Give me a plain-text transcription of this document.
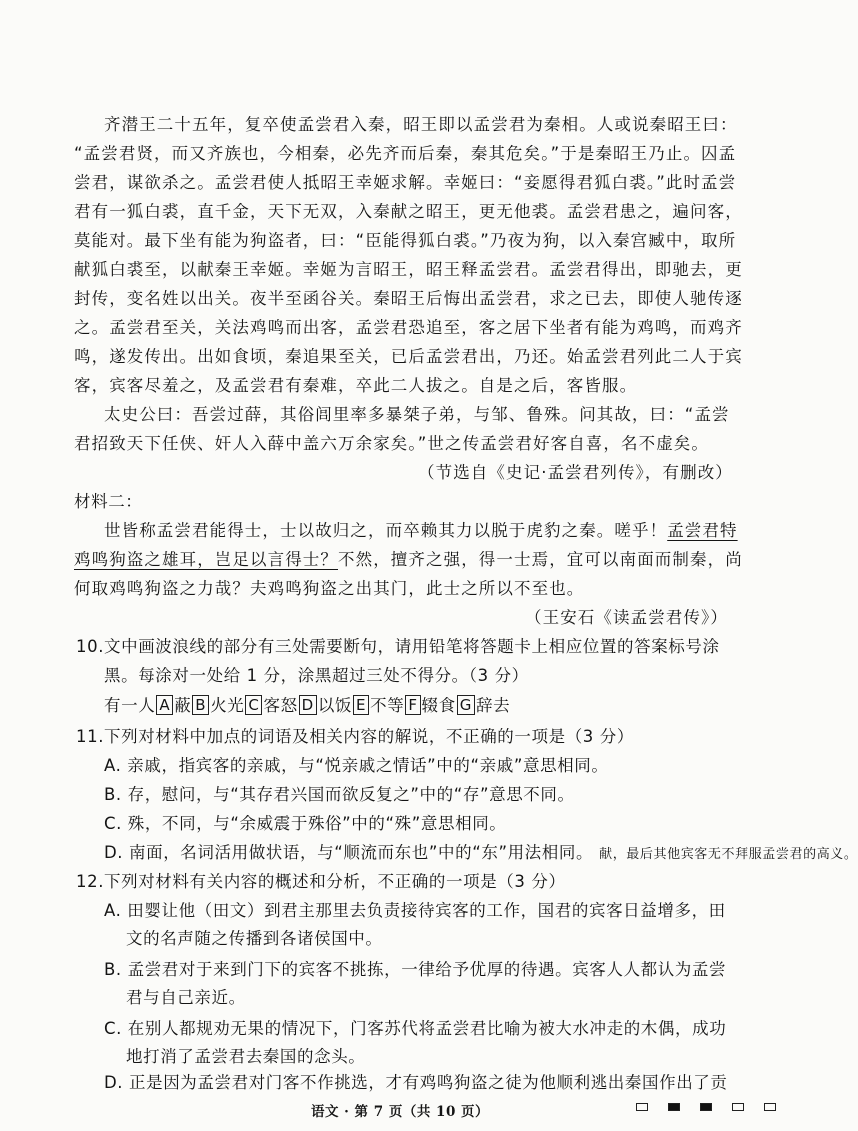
齐潜王二十五年，复卒使孟尝君入秦，昭王即以孟尝君为秦相。人或说秦昭王曰：
“孟尝君贤，而又齐族也，今相秦，必先齐而后秦，秦其危矣。”于是秦昭王乃止。囚孟
尝君，谋欲杀之。孟尝君使人抵昭王幸姬求解。幸姬曰：“妾愿得君狐白裘。”此时孟尝
君有一狐白裘，直千金，天下无双，入秦献之昭王，更无他裘。孟尝君患之，遍问客，
莫能对。最下坐有能为狗盗者，曰：“臣能得狐白裘。”乃夜为狗，以入秦宫臧中，取所
献狐白裘至，以献秦王幸姬。幸姬为言昭王，昭王释孟尝君。孟尝君得出，即驰去，更
封传，变名姓以出关。夜半至函谷关。秦昭王后悔出孟尝君，求之已去，即使人驰传逐
之。孟尝君至关，关法鸡鸣而出客，孟尝君恐追至，客之居下坐者有能为鸡鸣，而鸡齐
鸣，遂发传出。出如食顷，秦追果至关，已后孟尝君出，乃还。始孟尝君列此二人于宾
客，宾客尽羞之，及孟尝君有秦难，卒此二人拔之。自是之后，客皆服。
太史公曰：吾尝过薛，其俗闾里率多暴桀子弟，与邹、鲁殊。问其故，曰：“孟尝
君招致天下任侠、奸人入薛中盖六万余家矣。”世之传孟尝君好客自喜，名不虚矣。
（节选自《史记·孟尝君列传》，有删改）
材料二：
世皆称孟尝君能得士，士以故归之，而卒赖其力以脱于虎豹之秦。嗟乎！孟尝君特
鸡鸣狗盗之雄耳，岂足以言得士？不然，擅齐之强，得一士焉，宜可以南面而制秦，尚
何取鸡鸣狗盗之力哉？夫鸡鸣狗盗之出其门，此士之所以不至也。
（王安石《读孟尝君传》）
10. 文中画波浪线的部分有三处需要断句，请用铅笔将答题卡上相应位置的答案标号涂
黑。每涂对一处给 1 分，涂黑超过三处不得分。（3 分）
有一人 A 蔽 B 火光 C 客怒 D 以饭 E 不等 F 辍食 G 辞去
11. 下列对材料中加点的词语及相关内容的解说，不正确的一项是（3 分）
A. 亲戚，指宾客的亲戚，与“悦亲戚之情话”中的“亲戚”意思相同。
B. 存，慰问，与“其存君兴国而欲反复之”中的“存”意思不同。
C. 殊，不同，与“余威震于殊俗”中的“殊”意思相同。
D. 南面，名词活用做状语，与“顺流而东也”中的“东”用法相同。 献，最后其他宾客无不拜服孟尝君的高义。
12. 下列对材料有关内容的概述和分析，不正确的一项是（3 分）
A. 田婴让他（田文）到君主那里去负责接待宾客的工作，国君的宾客日益增多，田
文的名声随之传播到各诸侯国中。
B. 孟尝君对于来到门下的宾客不挑拣，一律给予优厚的待遇。宾客人人都认为孟尝
君与自己亲近。
C. 在别人都规劝无果的情况下，门客苏代将孟尝君比喻为被大水冲走的木偶，成功
地打消了孟尝君去秦国的念头。
语文 · 第 7 页（共 10 页）
D. 正是因为孟尝君对门客不作挑选，才有鸡鸣狗盗之徒为他顺利逃出秦国作出了贡
